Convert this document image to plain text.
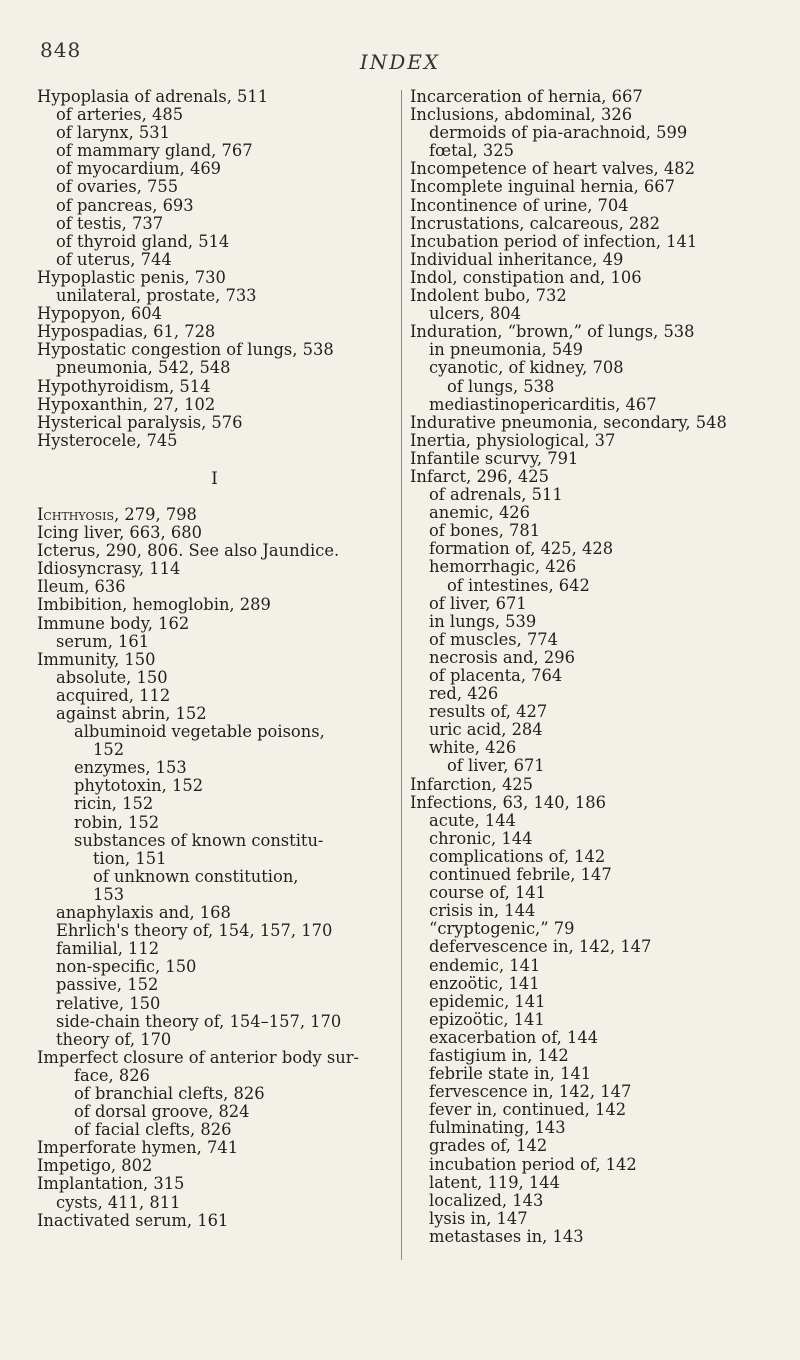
848	INDEX
Hypoplasia of adrenals, 511
of arteries, 485
of larynx, 531
of mammary gland, 767
of myocardium, 469
of ovaries, 755
of pancreas, 693
of testis, 737
of thyroid gland, 514
of uterus, 744
Hypoplastic penis, 730
unilateral, prostate, 733
Hypopyon, 604
Hypospadias, 61, 728
Hypostatic congestion of lungs, 538
pneumonia, 542, 548
Hypothyroidism, 514
Hypoxanthin, 27, 102
Hysterical paralysis, 576
Hysterocele, 745
I
Ichthyosis, 279, 798
Icing liver, 663, 680
Icterus, 290, 806. See also Jaundice.
Idiosyncrasy, 114
Ileum, 636
Imbibition, hemoglobin, 289
Immune body, 162
serum, 161
Immunity, 150
absolute, 150
acquired, 112
against abrin, 152
albuminoid vegetable poisons,
152
enzymes, 153
phytotoxin, 152
ricin, 152
robin, 152
substances of known constitu-
tion, 151
of unknown constitution,
153
anaphylaxis and, 168
Ehrlich's theory of, 154, 157, 170
familial, 112
non-specific, 150
passive, 152
relative, 150
side-chain theory of, 154–157, 170
theory of, 170
Imperfect closure of anterior body sur-
face, 826
of branchial clefts, 826
of dorsal groove, 824
of facial clefts, 826
Imperforate hymen, 741
Impetigo, 802
Implantation, 315
cysts, 411, 811
Inactivated serum, 161
Incarceration of hernia, 667
Inclusions, abdominal, 326
dermoids of pia-arachnoid, 599
fœtal, 325
Incompetence of heart valves, 482
Incomplete inguinal hernia, 667
Incontinence of urine, 704
Incrustations, calcareous, 282
Incubation period of infection, 141
Individual inheritance, 49
Indol, constipation and, 106
Indolent bubo, 732
ulcers, 804
Induration, “brown,” of lungs, 538
in pneumonia, 549
cyanotic, of kidney, 708
of lungs, 538
mediastinopericarditis, 467
Indurative pneumonia, secondary, 548
Inertia, physiological, 37
Infantile scurvy, 791
Infarct, 296, 425
of adrenals, 511
anemic, 426
of bones, 781
formation of, 425, 428
hemorrhagic, 426
of intestines, 642
of liver, 671
in lungs, 539
of muscles, 774
necrosis and, 296
of placenta, 764
red, 426
results of, 427
uric acid, 284
white, 426
of liver, 671
Infarction, 425
Infections, 63, 140, 186
acute, 144
chronic, 144
complications of, 142
continued febrile, 147
course of, 141
crisis in, 144
“cryptogenic,” 79
defervescence in, 142, 147
endemic, 141
enzoötic, 141
epidemic, 141
epizoötic, 141
exacerbation of, 144
fastigium in, 142
febrile state in, 141
fervescence in, 142, 147
fever in, continued, 142
fulminating, 143
grades of, 142
incubation period of, 142
latent, 119, 144
localized, 143
lysis in, 147
metastases in, 143
